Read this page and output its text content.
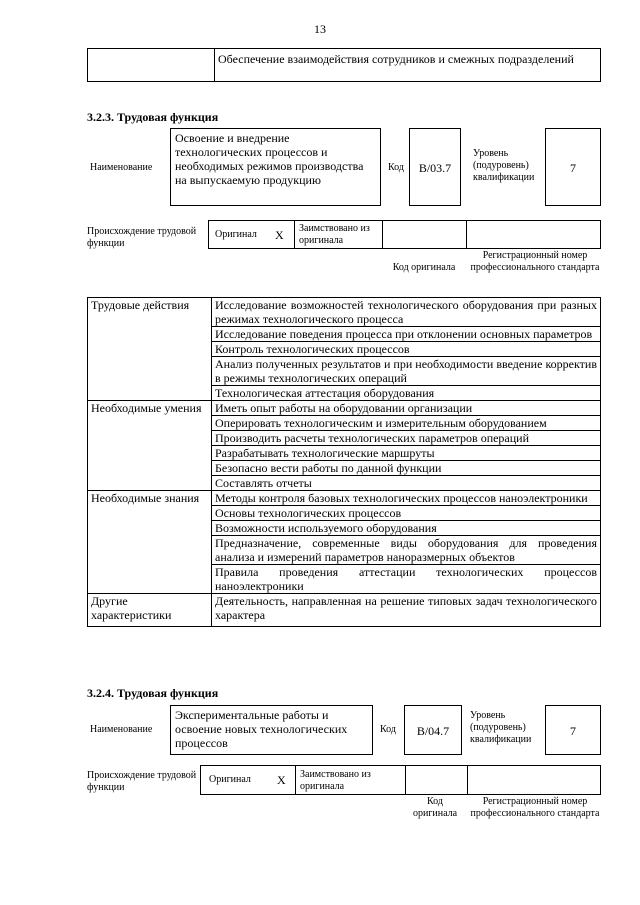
13
Обеспечение взаимодействия сотрудников и смежных подразделений
3.2.3. Трудовая функция
Наименование
Освоение и внедрение технологических процессов и необходимых режимов производства на выпускаемую продукцию
Код	В/03.7
Уровень (подуровень) квалификации
7
Происхождение трудовой функции
Оригинал X Заимствовано из оригинала
Код оригинала
Регистрационный номер профессионального стандарта
Трудовые действия	Исследование возможностей технологического оборудования при разных режимах технологического процесса
	Исследование поведения процесса при отклонении основных параметров
	Контроль технологических процессов
	Анализ полученных результатов и при необходимости введение корректив в режимы технологических операций
	Технологическая аттестация оборудования
Необходимые умения	Иметь опыт работы на оборудовании организации
	Оперировать технологическим и измерительным оборудованием
	Производить расчеты технологических параметров операций
	Разрабатывать технологические маршруты
	Безопасно вести работы по данной функции
	Составлять отчеты
Необходимые знания	Методы контроля базовых технологических процессов наноэлектроники
	Основы технологических процессов
	Возможности используемого оборудования
	Предназначение, современные виды оборудования для проведения анализа и измерений параметров наноразмерных объектов
	Правила проведения аттестации технологических процессов наноэлектроники
Другие характеристики	Деятельность, направленная на решение типовых задач технологического характера
3.2.4. Трудовая функция
Наименование
Экспериментальные работы и освоение новых технологических процессов
Код	В/04.7
Уровень (подуровень) квалификации
7
Происхождение трудовой функции
Оригинал X Заимствовано из оригинала
Код оригинала
Регистрационный номер профессионального стандарта
